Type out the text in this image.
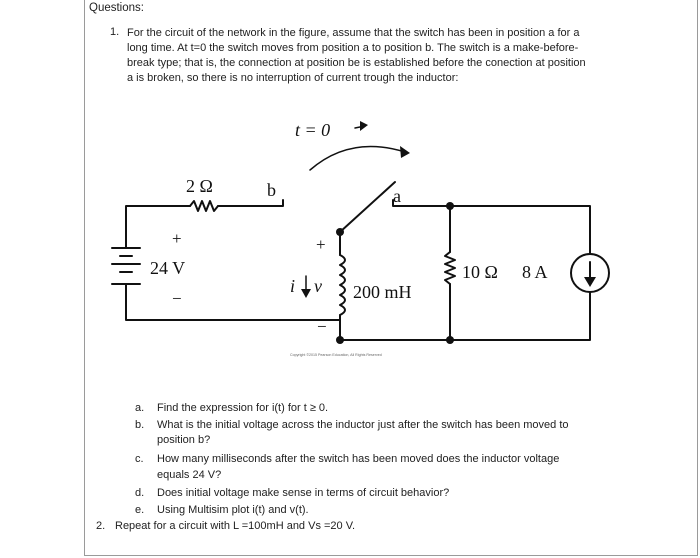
Questions:
1. For the circuit of the network in the figure, assume that the switch has been in position a for a
long time. At t=0 the switch moves from position a to position b. The switch is a make-before-
break type; that is, the connection at position be is established before the conection at position
a is broken, so there is no interruption of current trough the inductor:
t = 0
2 Ω	b	a
+
24 V
−
+
−
i v 200 mH
10 Ω 8 A
Copyright ©2015 Pearson Education, All Rights Reserved
a. Find the expression for i(t) for t ≥ 0.
b. What is the initial voltage across the inductor just after the switch has been moved to
position b?
c. How many milliseconds after the switch has been moved does the inductor voltage
equals 24 V?
d. Does initial voltage make sense in terms of circuit behavior?
e. Using Multisim plot i(t) and v(t).
2. Repeat for a circuit with L =100mH and Vs =20 V.
